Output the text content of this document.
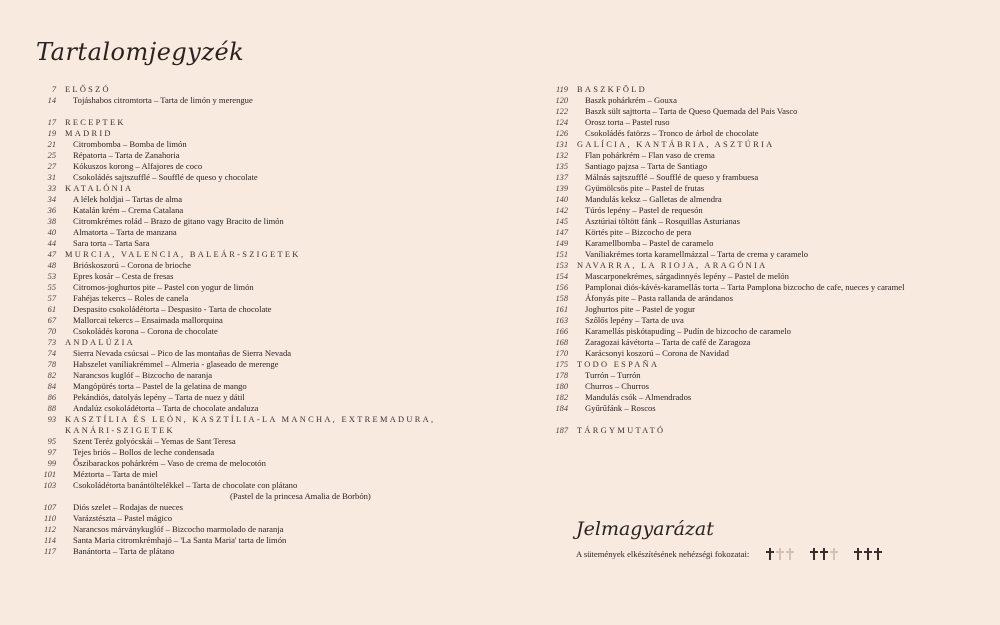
Tartalomjegyzék
7 ELŐSZÓ
14 Tojáshabos citromtorta – Tarta de limón y merengue
17 RECEPTEK
19 MADRID
21 Citrombomba – Bomba de limón
25 Répatorta – Tarta de Zanahoria
27 Kókuszos korong – Alfajores de coco
31 Csokoládés sajtszufflé – Soufflé de queso y chocolate
33 KATALÓNIA
34 A lélek holdjai – Tartas de alma
36 Katalán krém – Crema Catalana
38 Citromkrémes rolád – Brazo de gitano vagy Bracito de limón
40 Almatorta – Tarta de manzana
44 Sara torta – Tarta Sara
47 MURCIA, VALENCIA, BALEÁR-SZIGETEK
48 Brióskoszorú – Corona de brioche
53 Epres kosár – Cesta de fresas
55 Citromos-joghurtos pite – Pastel con yogur de limón
57 Fahéjas tekercs – Roles de canela
61 Despasito csokoládétorta – Despasito - Tarta de chocolate
67 Mallorcai tekercs – Ensaimada mallorquina
70 Csokoládés korona – Corona de chocolate
73 ANDALÚZIA
74 Sierra Nevada csúcsai – Pico de las montañas de Sierra Nevada
78 Habszelet vaníliakrémmel – Almeria - glaseado de merenge
82 Narancsos kuglóf – Bizcocho de naranja
84 Mangópürés torta – Pastel de la gelatina de mango
86 Pekándiós, datolyás lepény – Tarta de nuez y dátil
88 Andalúz csokoládétorta – Tarta de chocolate andaluza
93 KASZTÍLIA ÉS LEÓN, KASZTÍLIA-LA MANCHA, EXTREMADURA,
KANÁRI-SZIGETEK
95 Szent Teréz golyócskái – Yemas de Sant Teresa
97 Tejes briós – Bollos de leche condensada
99 Őszibarackos pohárkrém – Vaso de crema de melocotón
101 Méztorta – Tarta de miel
103 Csokoládétorta banántöltelékkel – Tarta de chocolate con plátano
(Pastel de la princesa Amalia de Borbón)
107 Diós szelet – Rodajas de nueces
110 Varázstészta – Pastel mágico
112 Narancsos márványkuglóf – Bizcocho marmolado de naranja
114 Santa Maria citromkrémhajó – 'La Santa Maria' tarta de limón
117 Banántorta – Tarta de plátano
119 BASZKFÖLD
120 Baszk pohárkrém – Gouxa
122 Baszk sült sajttorta – Tarta de Queso Quemada del Pais Vasco
124 Orosz torta – Pastel ruso
126 Csokoládés fatörzs – Tronco de árbol de chocolate
131 GALÍCIA, KANTÁBRIA, ASZTÚRIA
132 Flan pohárkrém – Flan vaso de crema
135 Santiago pajzsa – Tarta de Santiago
137 Málnás sajtszufflé – Soufflé de queso y frambuesa
139 Gyümölcsös pite – Pastel de frutas
140 Mandulás keksz – Galletas de almendra
142 Túrós lepény – Pastel de requesón
145 Asztúriai töltött fánk – Rosquillas Asturianas
147 Körtés pite – Bizcocho de pera
149 Karamellbomba – Pastel de caramelo
151 Vaníliakrémes torta karamellmázzal – Tarta de crema y caramelo
153 NAVARRA, LA RIOJA, ARAGÓNIA
154 Mascarponekrémes, sárgadinnyés lepény – Pastel de melón
156 Pamplonai diós-kávés-karamellás torta – Tarta Pamplona bizcocho de cafe, nueces y caramel
158 Áfonyás pite – Pasta rallanda de arándanos
161 Joghurtos pite – Pastel de yogur
163 Szőlős lepény – Tarta de uva
166 Karamellás piskótapuding – Pudín de bizcocho de caramelo
168 Zaragozai kávétorta – Tarta de café de Zaragoza
170 Karácsonyi koszorú – Corona de Navidad
175 TODO ESPAÑA
178 Turrón – Turrón
180 Churros – Churros
182 Mandulás csók – Almendrados
184 Gyűrűfánk – Roscos
187 TÁRGYMUTATÓ
Jelmagyarázat
A sütemények elkészítésének nehézségi fokozatai:
